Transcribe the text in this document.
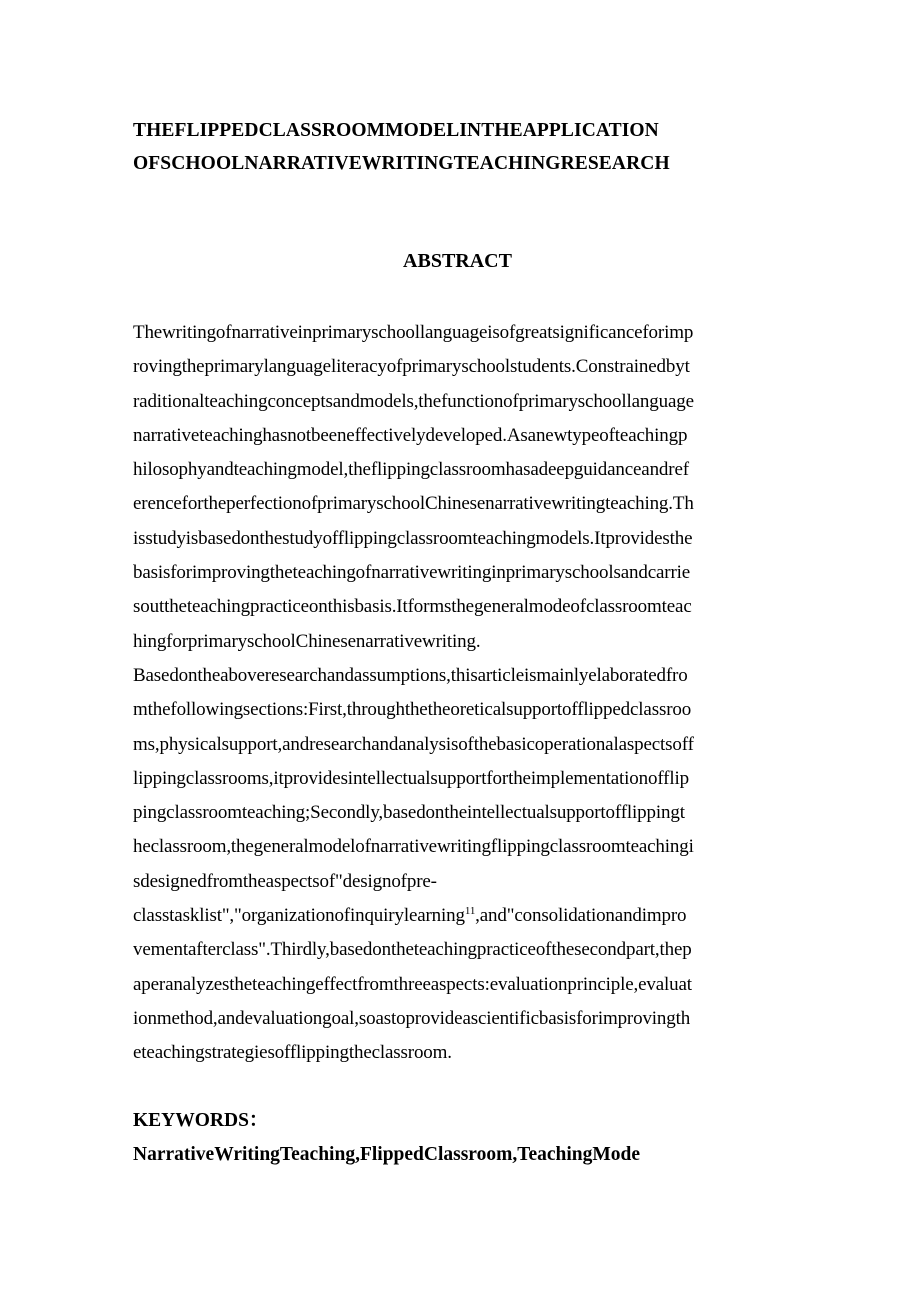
THEFLIPPEDCLASSROOMMODELINTHEAPPLICATION
OFSCHOOLNARRATIVEWRITINGTEACHINGRESEARCH
ABSTRACT
Thewritingofnarrativeinprimaryschoollanguageisofgreatsignificanceforimp
rovingtheprimarylanguageliteracyofprimaryschoolstudents.Constrainedbyt
raditionalteachingconceptsandmodels,thefunctionofprimaryschoollanguage
narrativeteachinghasnotbeeneffectivelydeveloped.Asanewtypeofteachingp
hilosophyandteachingmodel,theflippingclassroomhasadeepguidanceandref
erencefortheperfectionofprimaryschoolChinesenarrativewritingteaching.Th
isstudyisbasedonthestudyofflippingclassroomteachingmodels.Itprovidesthe
basisforimprovingtheteachingofnarrativewritinginprimaryschoolsandcarrie
souttheteachingpracticeonthisbasis.Itformsthegeneralmodeofclassroomteac
hingforprimaryschoolChinesenarrativewriting.
Basedontheaboveresearchandassumptions,thisarticleismainlyelaboratedfro
mthefollowingsections:First,throughthetheoreticalsupportofflippedclassroo
ms,physicalsupport,andresearchandanalysisofthebasicoperationalaspectsoff
lippingclassrooms,itprovidesintellectualsupportfortheimplementationofflip
pingclassroomteaching;Secondly,basedontheintellectualsupportofflippingt
heclassroom,thegeneralmodelofnarrativewritingflippingclassroomteachingi
sdesignedfromtheaspectsof"designofpre-
classtasklist","organizationofinquirylearning$^{11}$,and"consolidationandimpro
vementafterclass".Thirdly,basedontheteachingpracticeofthesecondpart,thep
aperanalyzestheteachingeffectfromthreeaspects:evaluationprinciple,evaluat
ionmethod,andevaluationgoal,soastoprovideascientificbasisforimprovingth
eteachingstrategiesofflippingtheclassroom.
KEYWORDS：
NarrativeWritingTeaching,FlippedClassroom,TeachingMode
